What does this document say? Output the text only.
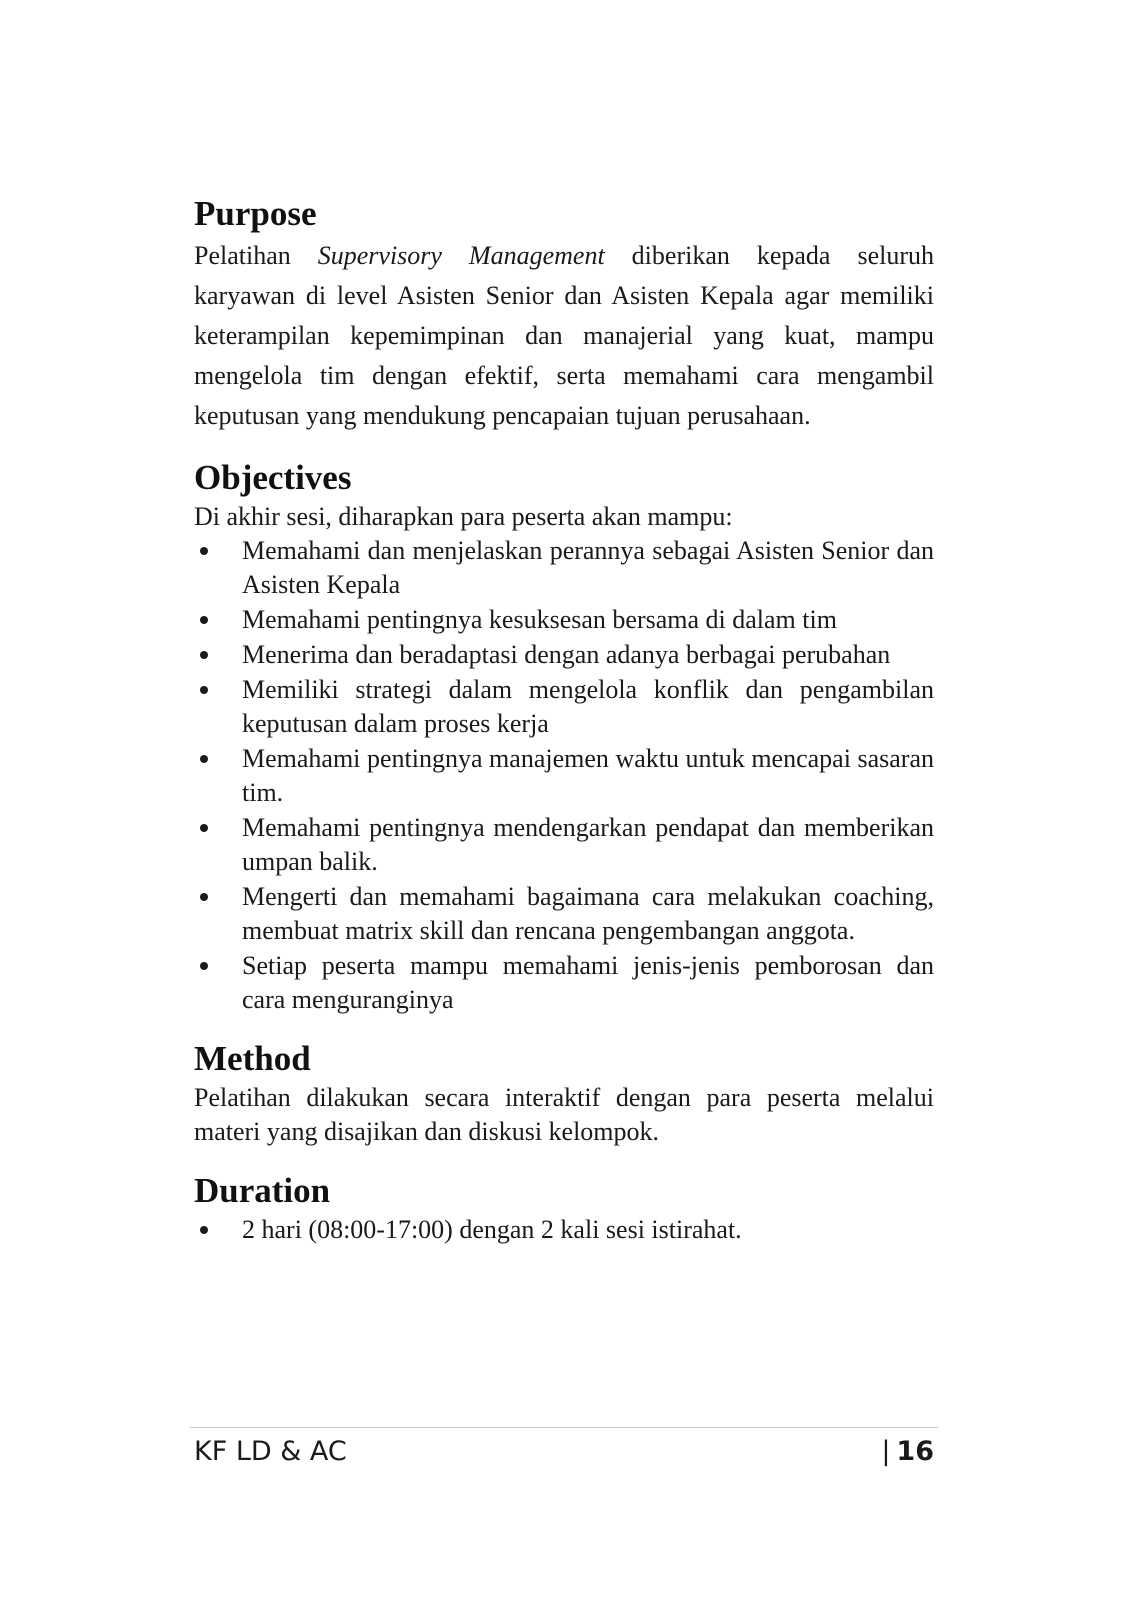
Purpose

Pelatihan Supervisory Management diberikan kepada seluruh karyawan di level Asisten Senior dan Asisten Kepala agar memiliki keterampilan kepemimpinan dan manajerial yang kuat, mampu mengelola tim dengan efektif, serta memahami cara mengambil keputusan yang mendukung pencapaian tujuan perusahaan.

Objectives

Di akhir sesi, diharapkan para peserta akan mampu:

Memahami dan menjelaskan perannya sebagai Asisten Senior dan Asisten Kepala
Memahami pentingnya kesuksesan bersama di dalam tim
Menerima dan beradaptasi dengan adanya berbagai perubahan
Memiliki strategi dalam mengelola konflik dan pengambilan keputusan dalam proses kerja
Memahami pentingnya manajemen waktu untuk mencapai sasaran tim.
Memahami pentingnya mendengarkan pendapat dan memberikan umpan balik.
Mengerti dan memahami bagaimana cara melakukan coaching, membuat matrix skill dan rencana pengembangan anggota.
Setiap peserta mampu memahami jenis-jenis pemborosan dan cara menguranginya
Method

Pelatihan dilakukan secara interaktif dengan para peserta melalui materi yang disajikan dan diskusi kelompok.

Duration
2 hari (08:00-17:00) dengan 2 kali sesi istirahat.
KF LD & AC	| 16
